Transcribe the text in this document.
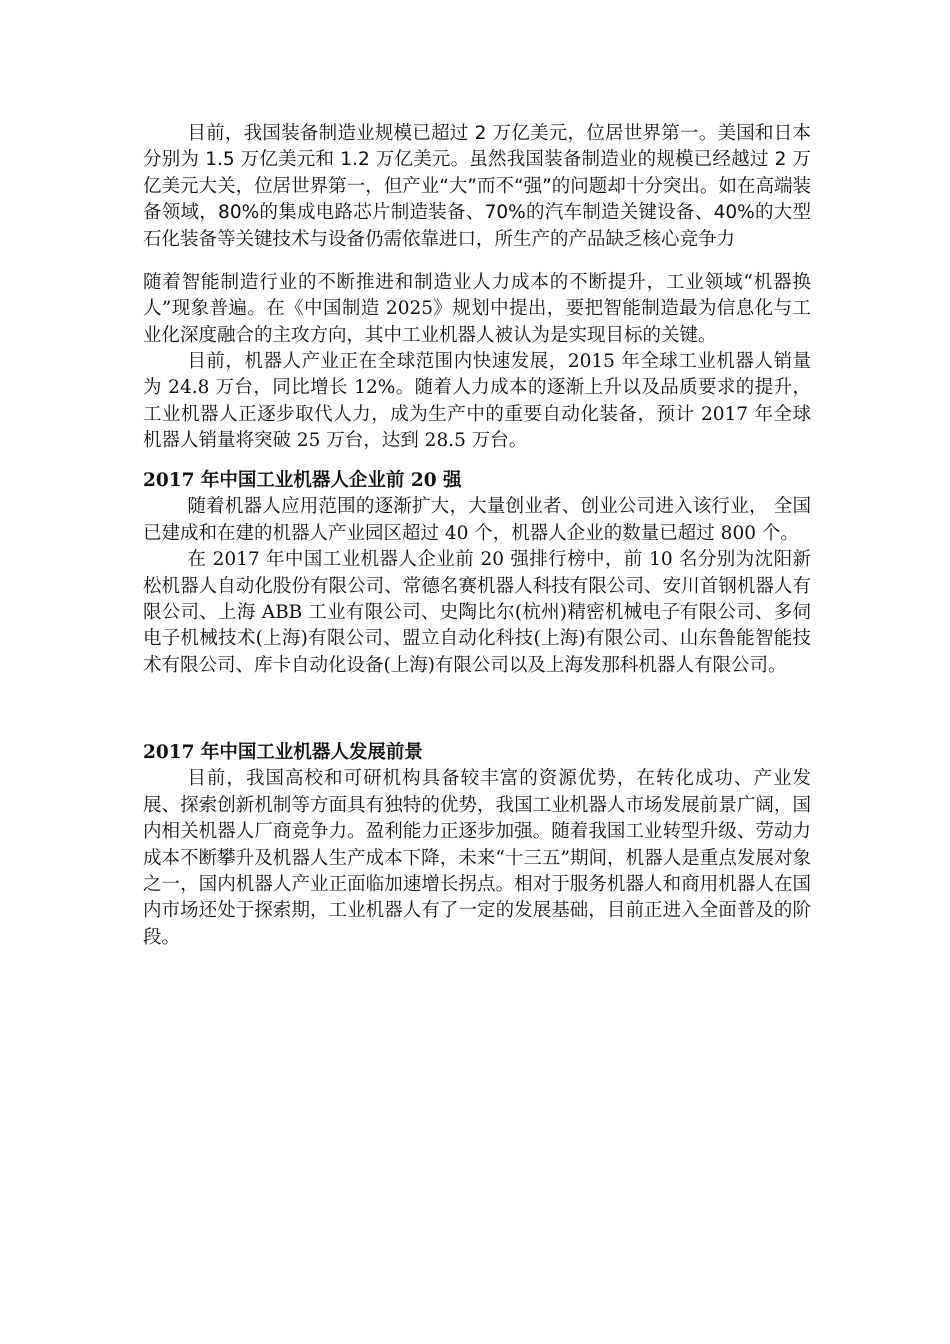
目前，我国装备制造业规模已超过 2 万亿美元，位居世界第一。美国和日本分别为 1.5 万亿美元和 1.2 万亿美元。虽然我国装备制造业的规模已经越过 2 万亿美元大关，位居世界第一，但产业“大”而不“强”的问题却十分突出。如在高端装备领域，80%的集成电路芯片制造装备、70%的汽车制造关键设备、40%的大型石化装备等关键技术与设备仍需依靠进口，所生产的产品缺乏核心竞争力

随着智能制造行业的不断推进和制造业人力成本的不断提升，工业领域“机器换人”现象普遍。在《中国制造 2025》规划中提出，要把智能制造最为信息化与工业化深度融合的主攻方向，其中工业机器人被认为是实现目标的关键。

目前，机器人产业正在全球范围内快速发展，2015 年全球工业机器人销量为 24.8 万台，同比增长 12%。随着人力成本的逐渐上升以及品质要求的提升，工业机器人正逐步取代人力，成为生产中的重要自动化装备，预计 2017 年全球机器人销量将突破 25 万台，达到 28.5 万台。

2017 年中国工业机器人企业前 20 强

随着机器人应用范围的逐渐扩大，大量创业者、创业公司进入该行业， 全国已建成和在建的机器人产业园区超过 40 个，机器人企业的数量已超过 800 个。

在 2017 年中国工业机器人企业前 20 强排行榜中，前 10 名分别为沈阳新松机器人自动化股份有限公司、常德名赛机器人科技有限公司、安川首钢机器人有限公司、上海 ABB 工业有限公司、史陶比尔(杭州)精密机械电子有限公司、多伺电子机械技术(上海)有限公司、盟立自动化科技(上海)有限公司、山东鲁能智能技术有限公司、库卡自动化设备(上海)有限公司以及上海发那科机器人有限公司。

2017 年中国工业机器人发展前景

目前，我国高校和可研机构具备较丰富的资源优势，在转化成功、产业发展、探索创新机制等方面具有独特的优势，我国工业机器人市场发展前景广阔，国内相关机器人厂商竞争力。盈利能力正逐步加强。随着我国工业转型升级、劳动力成本不断攀升及机器人生产成本下降，未来“十三五”期间，机器人是重点发展对象之一，国内机器人产业正面临加速增长拐点。相对于服务机器人和商用机器人在国内市场还处于探索期，工业机器人有了一定的发展基础，目前正进入全面普及的阶段。
